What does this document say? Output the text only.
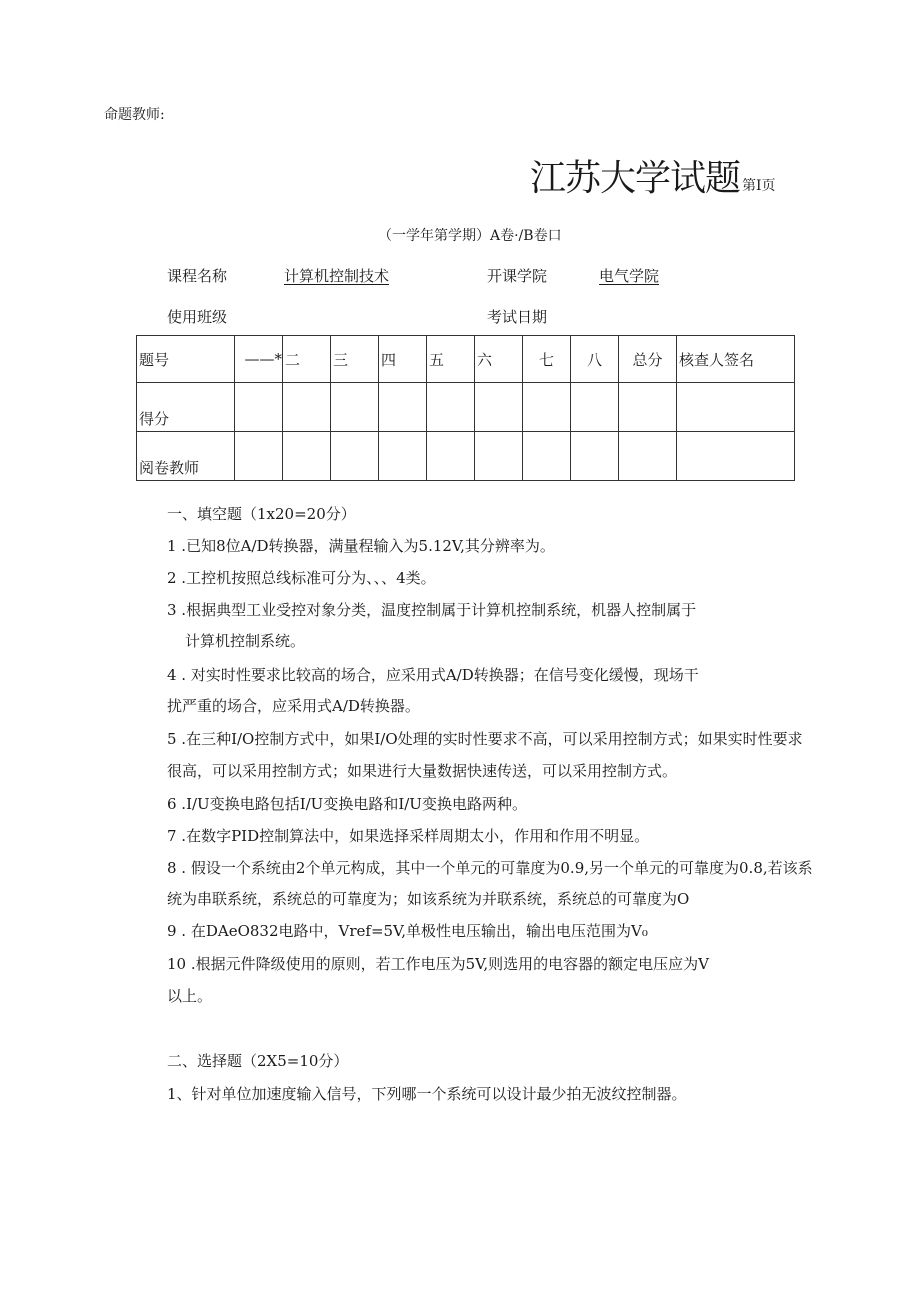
命题教师:
江苏大学试题 第I页
（一学年第学期）A卷·/B卷口
课程名称	计算机控制技术	开课学院	电气学院
使用班级	考试日期
题号	——*	二	三	四	五	六	七	八	总分	核查人签名
得分										
阅卷教师										
一、填空题（1x20=20分）
1 .已知8位A/D转换器，满量程输入为5.12V,其分辨率为。
2 .工控机按照总线标准可分为、、、4类。
3 .根据典型工业受控对象分类，温度控制属于计算机控制系统，机器人控制属于
计算机控制系统。
4 . 对实时性要求比较高的场合，应采用式A/D转换器；在信号变化缓慢，现场干
扰严重的场合，应采用式A/D转换器。
5 .在三种I/O控制方式中，如果I/O处理的实时性要求不高，可以采用控制方式；如果实时性要求
很高，可以采用控制方式；如果进行大量数据快速传送，可以采用控制方式。
6 .I/U变换电路包括I/U变换电路和I/U变换电路两种。
7 .在数字PID控制算法中，如果选择采样周期太小，作用和作用不明显。
8 . 假设一个系统由2个单元构成，其中一个单元的可靠度为0.9,另一个单元的可靠度为0.8,若该系
统为串联系统，系统总的可靠度为；如该系统为并联系统，系统总的可靠度为O
9 . 在DAeO832电路中，Vref=5V,单极性电压输出，输出电压范围为V₀
10 .根据元件降级使用的原则，若工作电压为5V,则选用的电容器的额定电压应为V
以上。
二、选择题（2X5=10分）
1、针对单位加速度输入信号，下列哪一个系统可以设计最少拍无波纹控制器。
